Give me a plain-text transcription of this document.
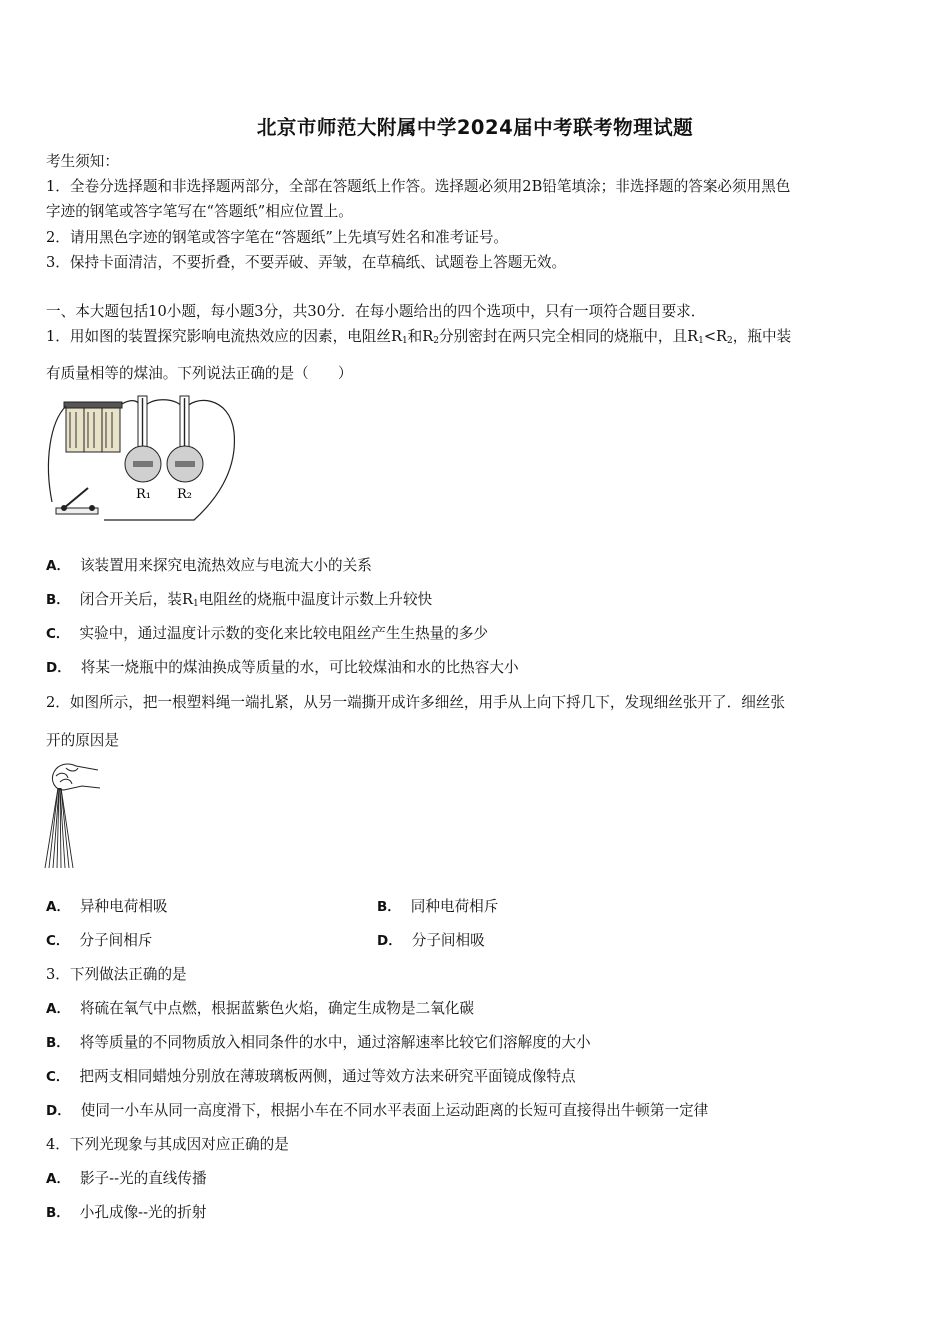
北京市师范大附属中学2024届中考联考物理试题
考生须知：
1．全卷分选择题和非选择题两部分，全部在答题纸上作答。选择题必须用2B铅笔填涂；非选择题的答案必须用黑色
字迹的钢笔或答字笔写在“答题纸”相应位置上。
2．请用黑色字迹的钢笔或答字笔在“答题纸”上先填写姓名和准考证号。
3．保持卡面清洁，不要折叠，不要弄破、弄皱，在草稿纸、试题卷上答题无效。
一、本大题包括10小题，每小题3分，共30分．在每小题给出的四个选项中，只有一项符合题目要求．
1．用如图的装置探究影响电流热效应的因素，电阻丝$R_1$和$R_2$分别密封在两只完全相同的烧瓶中，且$R_1<R_2$，瓶中装
有质量相等的煤油。下列说法正确的是（　　）
R₁ R₂
A． 该装置用来探究电流热效应与电流大小的关系
B． 闭合开关后，装$R_1$电阻丝的烧瓶中温度计示数上升较快
C． 实验中，通过温度计示数的变化来比较电阻丝产生生热量的多少
D． 将某一烧瓶中的煤油换成等质量的水，可比较煤油和水的比热容大小
2．如图所示，把一根塑料绳一端扎紧，从另一端撕开成许多细丝，用手从上向下捋几下，发现细丝张开了．细丝张
开的原因是
A． 异种电荷相吸	B． 同种电荷相斥
C． 分子间相斥	D． 分子间相吸
3．下列做法正确的是
A． 将硫在氧气中点燃，根据蓝紫色火焰，确定生成物是二氧化碳
B． 将等质量的不同物质放入相同条件的水中，通过溶解速率比较它们溶解度的大小
C． 把两支相同蜡烛分别放在薄玻璃板两侧，通过等效方法来研究平面镜成像特点
D． 使同一小车从同一高度滑下，根据小车在不同水平表面上运动距离的长短可直接得出牛顿第一定律
4．下列光现象与其成因对应正确的是
A． 影子--光的直线传播
B． 小孔成像--光的折射
